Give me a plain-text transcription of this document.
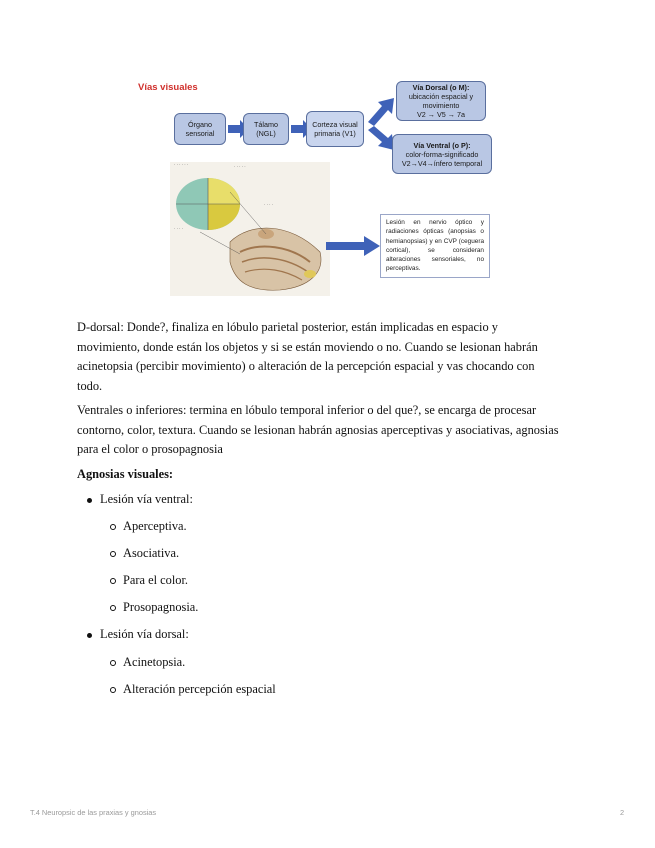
Vías visuales
Órgano sensorial
Tálamo (NGL)
Corteza visual primaria (V1)
Vía Dorsal (o M):
ubicación espacial y movimiento
V2 → V5 → 7a
Vía Ventral (o P):
color-forma-significado
V2→V4→ínfero temporal
· · · · · ·	· · · · ·
· · · ·
· · · ·
Lesión en nervio óptico y radiaciones ópticas (anopsias o hemianopsias) y en CVP (ceguera cortical), se consideran alteraciones sensoriales, no perceptivas.
D-dorsal: Donde?, finaliza en lóbulo parietal posterior, están implicadas en espacio y
movimiento, donde están los objetos y si se están moviendo o no. Cuando se lesionan habrán
acinetopsia (percibir movimiento) o alteración de la percepción espacial y vas chocando con
todo.
Ventrales o inferiores: termina en lóbulo temporal inferior o del que?, se encarga de procesar
contorno, color, textura. Cuando se lesionan habrán agnosias aperceptivas y asociativas, agnosias
para el color o prosopagnosia
Agnosias visuales:
Lesión vía ventral:
Aperceptiva.
Asociativa.
Para el color.
Prosopagnosia.
Lesión vía dorsal:
Acinetopsia.
Alteración percepción espacial
T.4 Neuropsic de las praxias y gnosias	2
